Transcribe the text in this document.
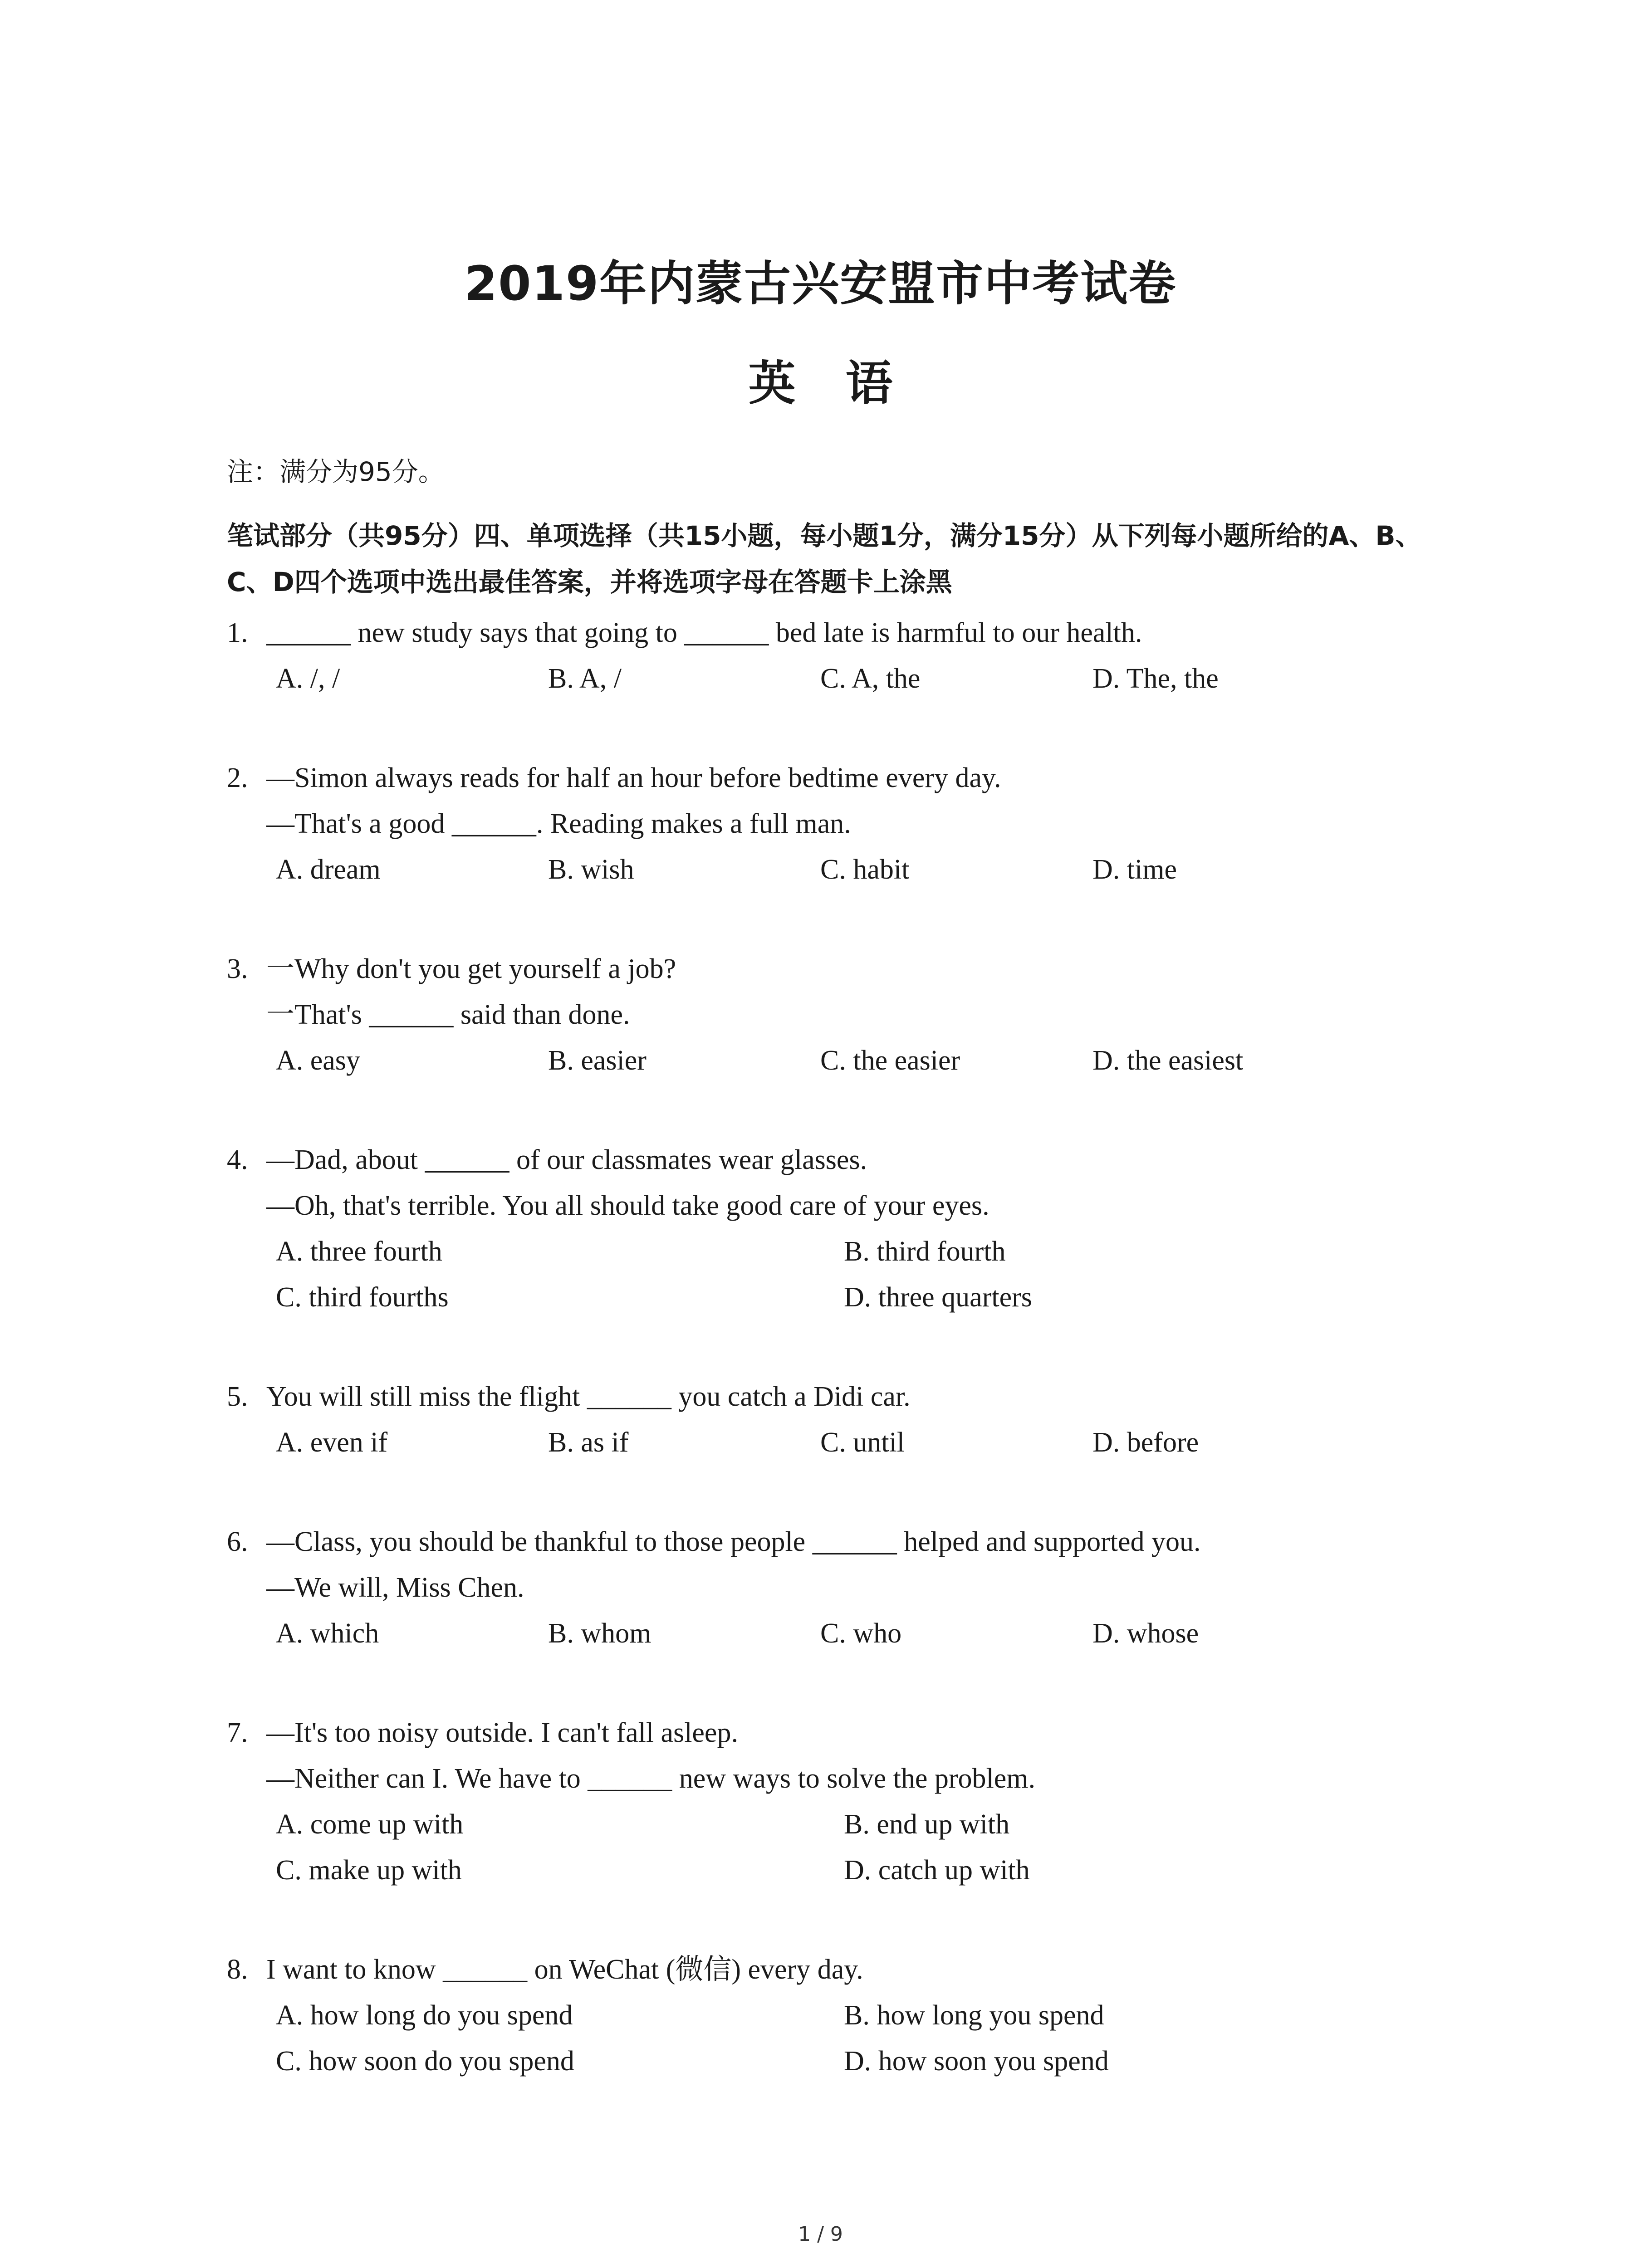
2019年内蒙古兴安盟市中考试卷
英语
注：满分为95分。
笔试部分（共95分）四、单项选择（共15小题，每小题1分，满分15分）从下列每小题所给的A、B、C、D四个选项中选出最佳答案，并将选项字母在答题卡上涂黑
1. ______ new study says that going to ______ bed late is harmful to our health.
A. /, /	B. A, /	C. A, the	D. The, the
2. —Simon always reads for half an hour before bedtime every day.
—That's a good ______. Reading makes a full man.
A. dream	B. wish	C. habit	D. time
3. 一Why don't you get yourself a job?
一That's ______ said than done.
A. easy	B. easier	C. the easier	D. the easiest
4. —Dad, about ______ of our classmates wear glasses.
—Oh, that's terrible. You all should take good care of your eyes.
A. three fourth	B. third fourth
C. third fourths	D. three quarters
5. You will still miss the flight ______ you catch a Didi car.
A. even if	B. as if	C. until	D. before
6. —Class, you should be thankful to those people ______ helped and supported you.
—We will, Miss Chen.
A. which	B. whom	C. who	D. whose
7. —It's too noisy outside. I can't fall asleep.
—Neither can I. We have to ______ new ways to solve the problem.
A. come up with	B. end up with
C. make up with	D. catch up with
8. I want to know ______ on WeChat (微信) every day.
A. how long do you spend	B. how long you spend
C. how soon do you spend	D. how soon you spend
1 / 9
